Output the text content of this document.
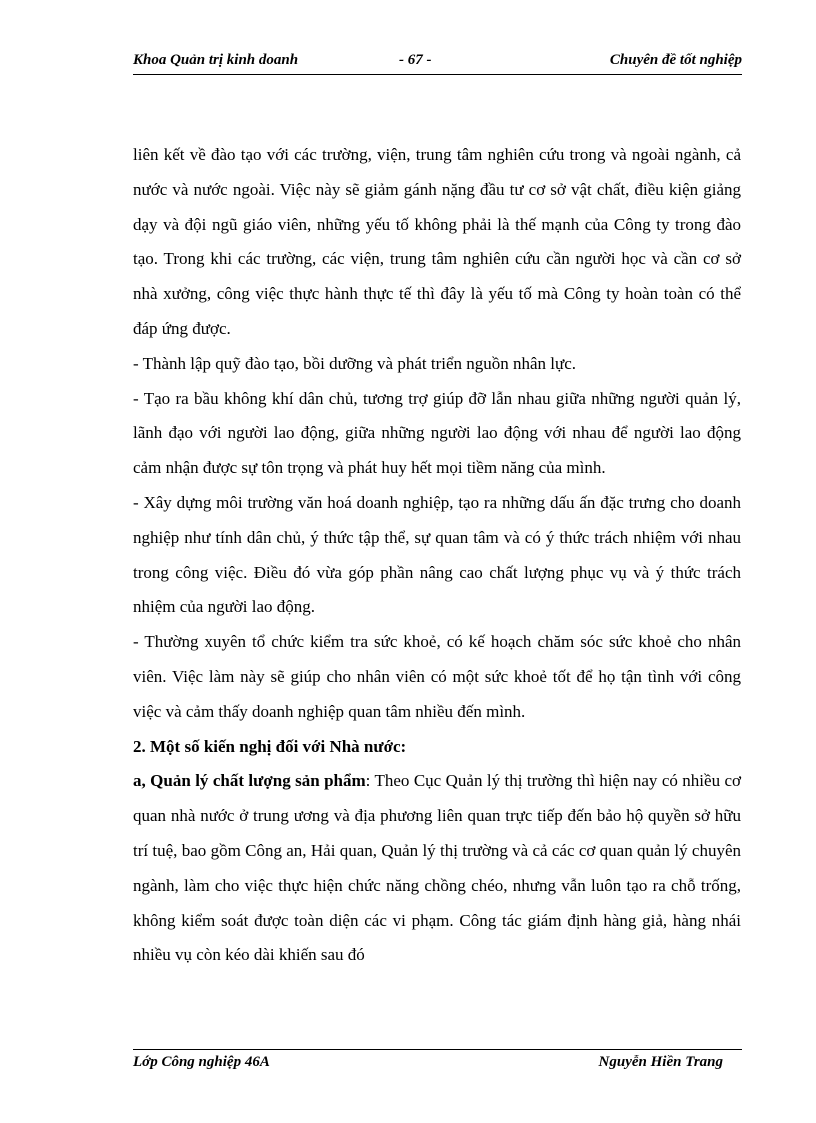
Khoa Quản trị kinh doanh	- 67 -	Chuyên đề tốt nghiệp

liên kết về đào tạo với các trường, viện, trung tâm nghiên cứu trong và ngoài ngành, cả nước và nước ngoài. Việc này sẽ giảm gánh nặng đầu tư cơ sở vật chất, điều kiện giảng dạy và đội ngũ giáo viên, những yếu tố không phải là thế mạnh của Công ty trong đào tạo. Trong khi các trường, các viện, trung tâm nghiên cứu cần người học và cần cơ sở nhà xưởng, công việc thực hành thực tế thì đây là yếu tố mà Công ty hoàn toàn có thể đáp ứng được.

- Thành lập quỹ đào tạo, bồi dưỡng và phát triển nguồn nhân lực.

- Tạo ra bầu không khí dân chủ, tương trợ giúp đỡ lẫn nhau giữa những người quản lý, lãnh đạo với người lao động, giữa những người lao động với nhau để người lao động cảm nhận được sự tôn trọng và phát huy hết mọi tiềm năng của mình.

- Xây dựng môi trường văn hoá doanh nghiệp, tạo ra những dấu ấn đặc trưng cho doanh nghiệp như tính dân chủ, ý thức tập thể, sự quan tâm và có ý thức trách nhiệm với nhau trong công việc. Điều đó vừa góp phần nâng cao chất lượng phục vụ và ý thức trách nhiệm của người lao động.

- Thường xuyên tổ chức kiểm tra sức khoẻ, có kế hoạch chăm sóc sức khoẻ cho nhân viên. Việc làm này sẽ giúp cho nhân viên có một sức khoẻ tốt để họ tận tình với công việc và cảm thấy doanh nghiệp quan tâm nhiều đến mình.

2. Một số kiến nghị đối với Nhà nước:

a, Quản lý chất lượng sản phẩm: Theo Cục Quản lý thị trường thì hiện nay có nhiều cơ quan nhà nước ở trung ương và địa phương liên quan trực tiếp đến bảo hộ quyền sở hữu trí tuệ, bao gồm Công an, Hải quan, Quản lý thị trường và cả các cơ quan quản lý chuyên ngành, làm cho việc thực hiện chức năng chồng chéo, nhưng vẫn luôn tạo ra chỗ trống, không kiểm soát được toàn diện các vi phạm. Công tác giám định hàng giả, hàng nhái nhiều vụ còn kéo dài khiến sau đó

Lớp Công nghiệp 46A	Nguyễn Hiền Trang
